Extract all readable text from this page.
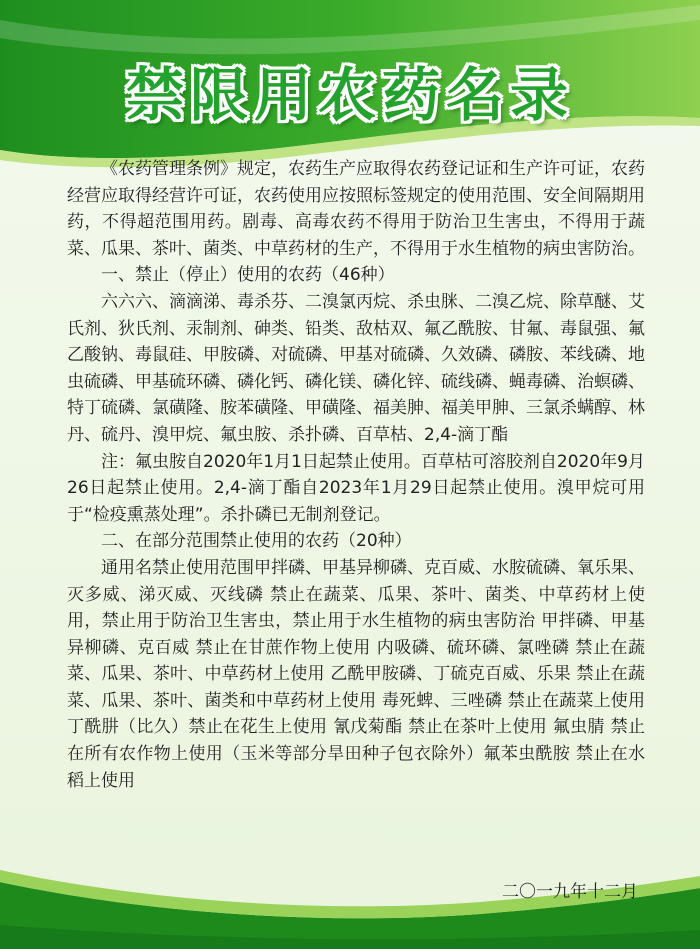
禁限用农药名录

《农药管理条例》规定，农药生产应取得农药登记证和生产许可证，农药经营应取得经营许可证，农药使用应按照标签规定的使用范围、安全间隔期用药，不得超范围用药。剧毒、高毒农药不得用于防治卫生害虫，不得用于蔬菜、瓜果、茶叶、菌类、中草药材的生产，不得用于水生植物的病虫害防治。

一、禁止（停止）使用的农药（46种）

六六六、滴滴涕、毒杀芬、二溴氯丙烷、杀虫脒、二溴乙烷、除草醚、艾氏剂、狄氏剂、汞制剂、砷类、铅类、敌枯双、氟乙酰胺、甘氟、毒鼠强、氟乙酸钠、毒鼠硅、甲胺磷、对硫磷、甲基对硫磷、久效磷、磷胺、苯线磷、地虫硫磷、甲基硫环磷、磷化钙、磷化镁、磷化锌、硫线磷、蝇毒磷、治螟磷、特丁硫磷、氯磺隆、胺苯磺隆、甲磺隆、福美胂、福美甲胂、三氯杀螨醇、林丹、硫丹、溴甲烷、氟虫胺、杀扑磷、百草枯、2,4-滴丁酯

注：氟虫胺自2020年1月1日起禁止使用。百草枯可溶胶剂自2020年9月26日起禁止使用。2,4-滴丁酯自2023年1月29日起禁止使用。溴甲烷可用于“检疫熏蒸处理”。杀扑磷已无制剂登记。

二、在部分范围禁止使用的农药（20种）

通用名禁止使用范围甲拌磷、甲基异柳磷、克百威、水胺硫磷、氧乐果、灭多威、涕灭威、灭线磷 禁止在蔬菜、瓜果、茶叶、菌类、中草药材上使用，禁止用于防治卫生害虫，禁止用于水生植物的病虫害防治 甲拌磷、甲基异柳磷、克百威 禁止在甘蔗作物上使用 内吸磷、硫环磷、氯唑磷 禁止在蔬菜、瓜果、茶叶、中草药材上使用 乙酰甲胺磷、丁硫克百威、乐果 禁止在蔬菜、瓜果、茶叶、菌类和中草药材上使用 毒死蜱、三唑磷 禁止在蔬菜上使用 丁酰肼（比久）禁止在花生上使用 氰戊菊酯 禁止在茶叶上使用 氟虫腈 禁止在所有农作物上使用（玉米等部分旱田种子包衣除外）氟苯虫酰胺 禁止在水稻上使用

二〇一九年十二月
